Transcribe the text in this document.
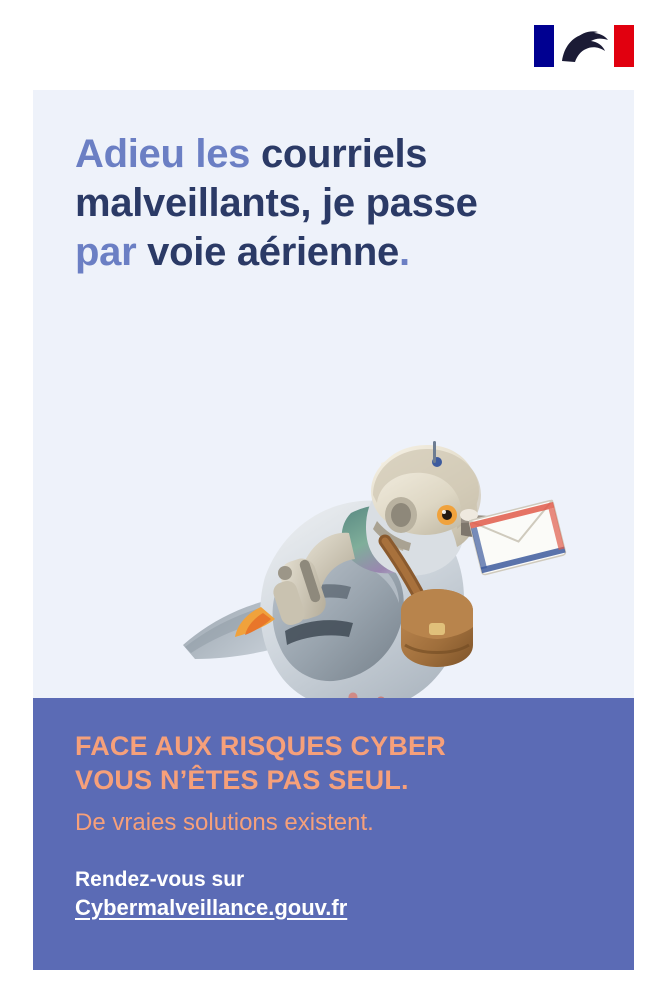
Adieu les courriels
malveillants, je passe
par voie aérienne.
FACE AUX RISQUES CYBER
VOUS N’ÊTES PAS SEUL.
De vraies solutions existent.
Rendez-vous sur
Cybermalveillance.gouv.fr
